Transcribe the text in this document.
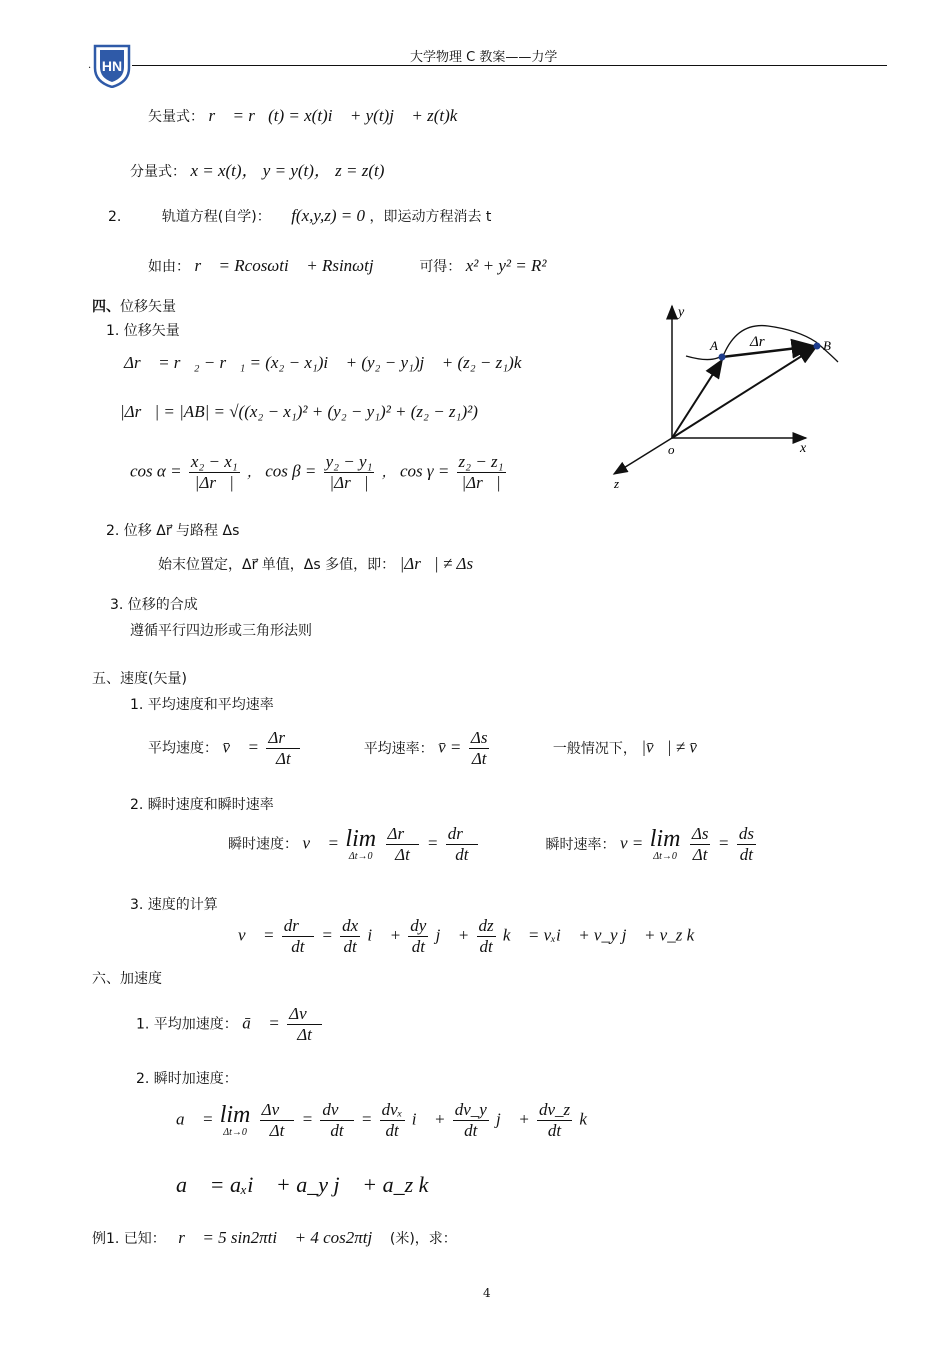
HN
.
大学物理 C 教案——力学
矢量式： r⃗ = r⃗(t) = x(t)i⃗ + y(t)j⃗ + z(t)k⃗
分量式： x = x(t)， y = y(t)， z = z(t)
2.	轨道方程(自学)： f(x,y,z) = 0 ，即运动方程消去 t
如由： r⃗ = Rcosωti⃗ + Rsinωtj⃗ 可得： x² + y² = R²
四、位移矢量
1. 位移矢量
Δr⃗ = r⃗₂ − r⃗₁ = (x₂ − x₁)i⃗ + (y₂ − y₁)j⃗ + (z₂ − z₁)k⃗
|Δr⃗| = |AB| = √((x₂ − x₁)² + (y₂ − y₁)² + (z₂ − z₁)²)
$\cos \alpha = \frac{\text{x₂ − x₁}}{|\Delta r⃗|}$ ， $\cos \beta = \frac{\text{y₂ − y₁}}{|\Delta r⃗|}$ ， $\cos \gamma = \frac{\text{z₂ − z₁}}{|\Delta r⃗|}$
y
x
z
o
A	B
Δr⃗
2. 位移 Δr⃗ 与路程 Δs
始末位置定，Δr⃗ 单值，Δs 多值，即： |Δr⃗| ≠ Δs
3. 位移的合成
遵循平行四边形或三角形法则
五、速度(矢量)
1. 平均速度和平均速率
平均速度： v̄⃗ = $\frac{\Delta r⃗}{\Delta t}$	平均速率： v̄ = $\frac{\Delta s}{\Delta t}$	一般情况下， |v̄⃗| ≠ v̄
2. 瞬时速度和瞬时速率
瞬时速度： v⃗ = lim
Δt→0
$\frac{\Delta r⃗}{\Delta t} = \frac{dr⃗}{dt}$	瞬时速率： v = lim
Δt→0
$\frac{\Delta s}{\Delta t} = \frac{ds}{dt}$
3. 速度的计算
v⃗ = $\frac{dr⃗}{dt} = \frac{dx}{dt}$ i⃗ + $\frac{dy}{dt}$ j⃗ + $\frac{dz}{dt}$ k⃗ = vₓi⃗ + v_y j⃗ + v_z k⃗
六、加速度
1. 平均加速度： ā⃗ = $\frac{\Delta v⃗}{\Delta t}$
2. 瞬时加速度：
a⃗ = lim
Δt→0
$\frac{\Delta v⃗}{\Delta t} = \frac{dv⃗}{dt} = \frac{\text{dvₓ}}{dt}$ i⃗ + $\frac{dv\_y}{dt}$ j⃗ + $\frac{dv\_z}{dt}$ k⃗
a⃗ = aₓi⃗ + a_y j⃗ + a_z k⃗
例1. 已知： r⃗ = 5 sin2πti⃗ + 4 cos2πtj⃗ (米)，求：
4
